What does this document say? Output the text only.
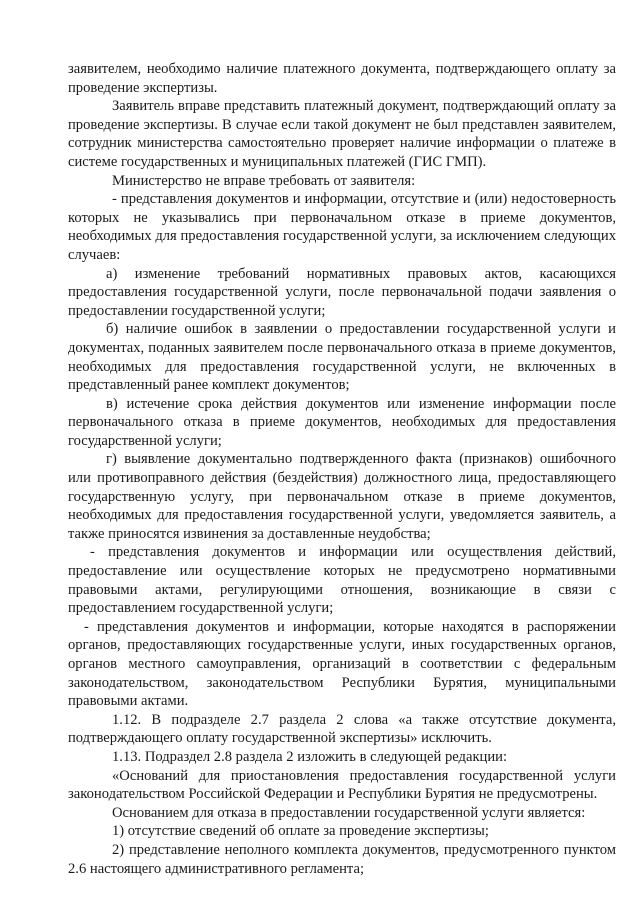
заявителем, необходимо наличие платежного документа, подтверждающего оплату за проведение экспертизы.

Заявитель вправе представить платежный документ, подтверждающий оплату за проведение экспертизы. В случае если такой документ не был представлен заявителем, сотрудник министерства самостоятельно проверяет наличие информации о платеже в системе государственных и муниципальных платежей (ГИС ГМП).

Министерство не вправе требовать от заявителя:

- представления документов и информации, отсутствие и (или) недостоверность которых не указывались при первоначальном отказе в приеме документов, необходимых для предоставления государственной услуги, за исключением следующих случаев:

а) изменение требований нормативных правовых актов, касающихся предоставления государственной услуги, после первоначальной подачи заявления о предоставлении государственной услуги;

б) наличие ошибок в заявлении о предоставлении государственной услуги и документах, поданных заявителем после первоначального отказа в приеме документов, необходимых для предоставления государственной услуги, не включенных в представленный ранее комплект документов;

в) истечение срока действия документов или изменение информации после первоначального отказа в приеме документов, необходимых для предоставления государственной услуги;

г) выявление документально подтвержденного факта (признаков) ошибочного или противоправного действия (бездействия) должностного лица, предоставляющего государственную услугу, при первоначальном отказе в приеме документов, необходимых для предоставления государственной услуги, уведомляется заявитель, а также приносятся извинения за доставленные неудобства;

- представления документов и информации или осуществления действий, предоставление или осуществление которых не предусмотрено нормативными правовыми актами, регулирующими отношения, возникающие в связи с предоставлением государственной услуги;

- представления документов и информации, которые находятся в распоряжении органов, предоставляющих государственные услуги, иных государственных органов, органов местного самоуправления, организаций в соответствии с федеральным законодательством, законодательством Республики Бурятия, муниципальными правовыми актами.

1.12. В подразделе 2.7 раздела 2 слова «а также отсутствие документа, подтверждающего оплату государственной экспертизы» исключить.

1.13. Подраздел 2.8 раздела 2 изложить в следующей редакции:

«Оснований для приостановления предоставления государственной услуги законодательством Российской Федерации и Республики Бурятия не предусмотрены.

Основанием для отказа в предоставлении государственной услуги является:

1) отсутствие сведений об оплате за проведение экспертизы;

2) представление неполного комплекта документов, предусмотренного пунктом 2.6 настоящего административного регламента;
